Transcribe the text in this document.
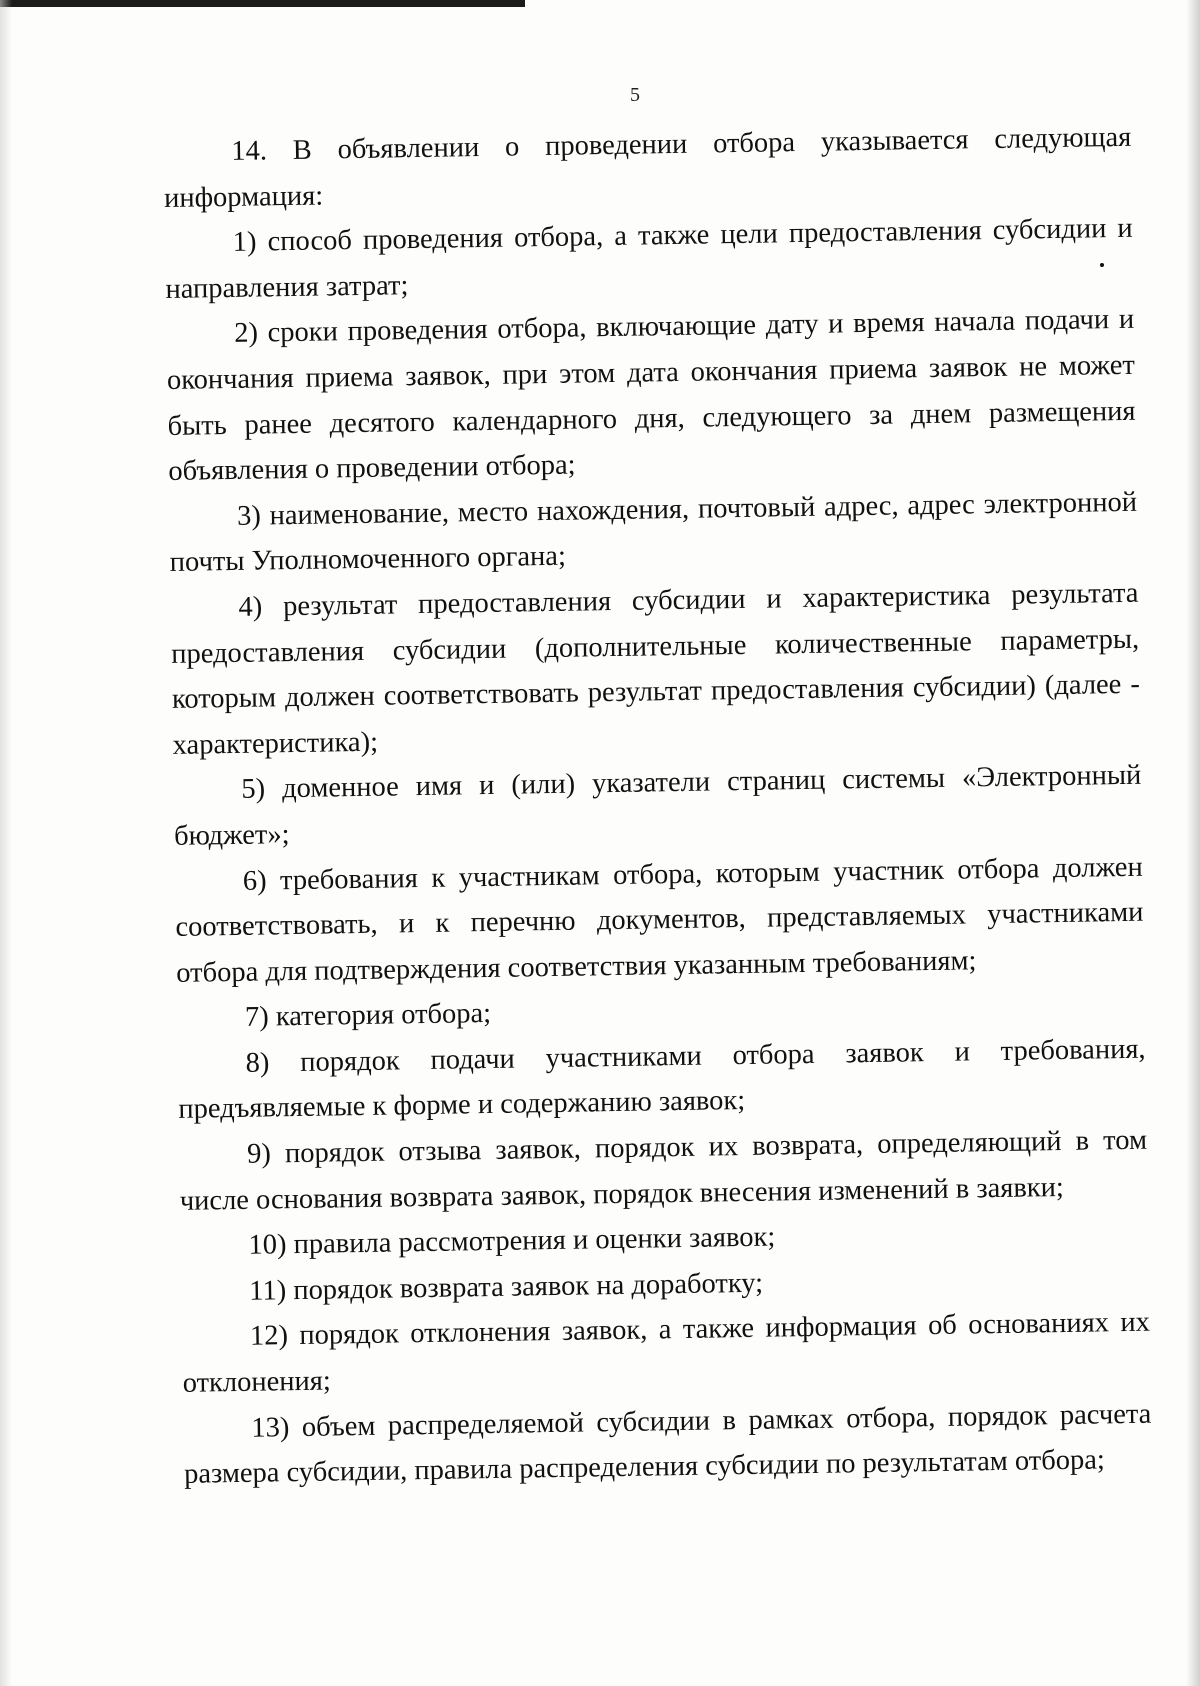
5

14. В объявлении о проведении отбора указывается следующая информация:

1) способ проведения отбора, а также цели предоставления субсидии и направления затрат;

2) сроки проведения отбора, включающие дату и время начала подачи и окончания приема заявок, при этом дата окончания приема заявок не может быть ранее десятого календарного дня, следующего за днем размещения объявления о проведении отбора;

3) наименование, место нахождения, почтовый адрес, адрес электронной почты Уполномоченного органа;

4) результат предоставления субсидии и характеристика результата предоставления субсидии (дополнительные количественные параметры, которым должен соответствовать результат предоставления субсидии) (далее - характеристика);

5) доменное имя и (или) указатели страниц системы «Электронный бюджет»;

6) требования к участникам отбора, которым участник отбора должен соответствовать, и к перечню документов, представляемых участниками отбора для подтверждения соответствия указанным требованиям;

7) категория отбора;

8) порядок подачи участниками отбора заявок и требования, предъявляемые к форме и содержанию заявок;

9) порядок отзыва заявок, порядок их возврата, определяющий в том числе основания возврата заявок, порядок внесения изменений в заявки;

10) правила рассмотрения и оценки заявок;

11) порядок возврата заявок на доработку;

12) порядок отклонения заявок, а также информация об основаниях их отклонения;

13) объем распределяемой субсидии в рамках отбора, порядок расчета размера субсидии, правила распределения субсидии по результатам отбора;
